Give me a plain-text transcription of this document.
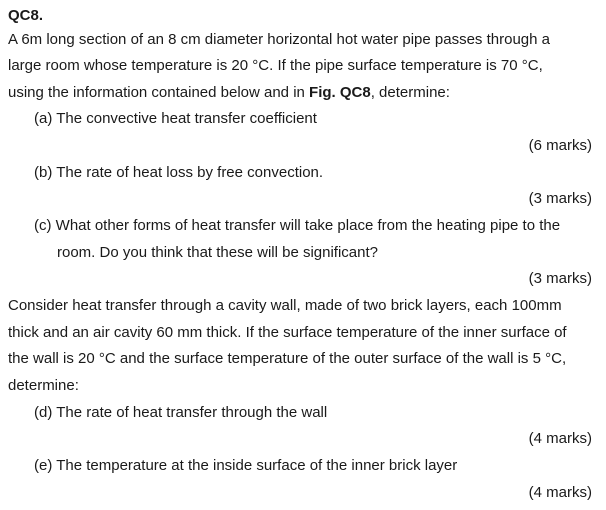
QC8.
A 6m long section of an 8 cm diameter horizontal hot water pipe passes through a
large room whose temperature is 20 °C. If the pipe surface temperature is 70 °C,
using the information contained below and in Fig. QC8, determine:
(a) The convective heat transfer coefficient
(6 marks)
(b) The rate of heat loss by free convection.
(3 marks)
(c) What other forms of heat transfer will take place from the heating pipe to the
room. Do you think that these will be significant?
(3 marks)
Consider heat transfer through a cavity wall, made of two brick layers, each 100mm
thick and an air cavity 60 mm thick. If the surface temperature of the inner surface of
the wall is 20 °C and the surface temperature of the outer surface of the wall is 5 °C,
determine:
(d) The rate of heat transfer through the wall
(4 marks)
(e) The temperature at the inside surface of the inner brick layer
(4 marks)
